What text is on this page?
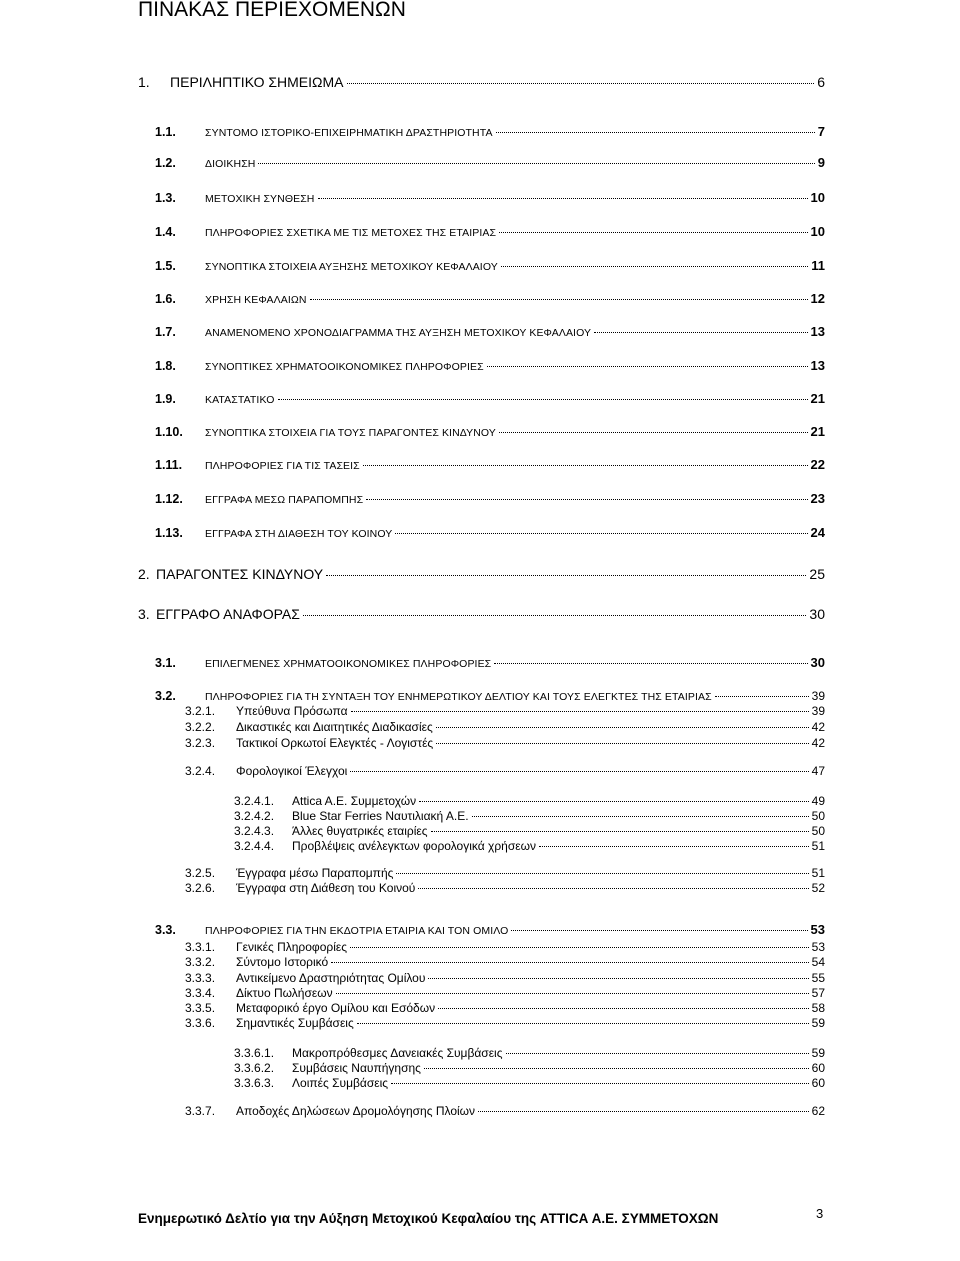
ΠΙΝΑΚΑΣ ΠΕΡΙΕΧΟΜΕΝΩΝ
1.	ΠΕΡΙΛΗΠΤΙΚΟ ΣΗΜΕΙΩΜΑ	6
1.1.	ΣΥΝΤΟΜΟ ΙΣΤΟΡΙΚΟ-ΕΠΙΧΕΙΡΗΜΑΤΙΚΗ ΔΡΑΣΤΗΡΙΟΤΗΤΑ	7
1.2.	ΔΙΟΙΚΗΣΗ	9
1.3.	ΜΕΤΟΧΙΚΗ ΣΥΝΘΕΣΗ	10
1.4.	ΠΛΗΡΟΦΟΡΙΕΣ ΣΧΕΤΙΚΑ ΜΕ ΤΙΣ ΜΕΤΟΧΕΣ ΤΗΣ ΕΤΑΙΡΙΑΣ	10
1.5.	ΣΥΝΟΠΤΙΚΑ ΣΤΟΙΧΕΙΑ ΑΥΞΗΣΗΣ ΜΕΤΟΧΙΚΟΥ ΚΕΦΑΛΑΙΟΥ	11
1.6.	ΧΡΗΣΗ ΚΕΦΑΛΑΙΩΝ	12
1.7.	ΑΝΑΜΕΝΟΜΕΝΟ ΧΡΟΝΟΔΙΑΓΡΑΜΜΑ ΤΗΣ ΑΥΞΗΣΗ ΜΕΤΟΧΙΚΟΥ ΚΕΦΑΛΑΙΟΥ	13
1.8.	ΣΥΝΟΠΤΙΚΕΣ ΧΡΗΜΑΤΟΟΙΚΟΝΟΜΙΚΕΣ ΠΛΗΡΟΦΟΡΙΕΣ	13
1.9.	ΚΑΤΑΣΤΑΤΙΚΟ	21
1.10.	ΣΥΝΟΠΤΙΚΑ ΣΤΟΙΧΕΙΑ ΓΙΑ ΤΟΥΣ ΠΑΡΑΓΟΝΤΕΣ ΚΙΝΔΥΝΟΥ	21
1.11.	ΠΛΗΡΟΦΟΡΙΕΣ ΓΙΑ ΤΙΣ ΤΑΣΕΙΣ	22
1.12.	ΕΓΓΡΑΦΑ ΜΕΣΩ ΠΑΡΑΠΟΜΠΗΣ	23
1.13.	ΕΓΓΡΑΦΑ ΣΤΗ ΔΙΑΘΕΣΗ ΤΟΥ ΚΟΙΝΟΥ	24
2. ΠΑΡΑΓΟΝΤΕΣ ΚΙΝΔΥΝΟΥ	25
3. ΕΓΓΡΑΦΟ ΑΝΑΦΟΡΑΣ	30
3.1.	ΕΠΙΛΕΓΜΕΝΕΣ ΧΡΗΜΑΤΟΟΙΚΟΝΟΜΙΚΕΣ ΠΛΗΡΟΦΟΡΙΕΣ	30
3.2.	ΠΛΗΡΟΦΟΡΙΕΣ ΓΙΑ ΤΗ ΣΥΝΤΑΞΗ ΤΟΥ ΕΝΗΜΕΡΩΤΙΚΟΥ ΔΕΛΤΙΟΥ ΚΑΙ ΤΟΥΣ ΕΛΕΓΚΤΕΣ ΤΗΣ ΕΤΑΙΡΙΑΣ	39
3.2.1.	Υπεύθυνα Πρόσωπα	39
3.2.2.	Δικαστικές και Διαιτητικές Διαδικασίες	42
3.2.3.	Τακτικοί Ορκωτοί Ελεγκτές - Λογιστές	42
3.2.4.	Φορολογικοί Έλεγχοι	47
3.2.4.1.	Attica A.E. Συμμετοχών	49
3.2.4.2.	Blue Star Ferries Ναυτιλιακή Α.Ε.	50
3.2.4.3.	Άλλες θυγατρικές εταιρίες	50
3.2.4.4.	Προβλέψεις ανέλεγκτων φορολογικά χρήσεων	51
3.2.5.	Έγγραφα μέσω Παραπομπής	51
3.2.6.	Έγγραφα στη Διάθεση του Κοινού	52
3.3.	ΠΛΗΡΟΦΟΡΙΕΣ ΓΙΑ ΤΗΝ ΕΚΔΟΤΡΙΑ ΕΤΑΙΡΙΑ ΚΑΙ ΤΟΝ ΟΜΙΛΟ	53
3.3.1.	Γενικές Πληροφορίες	53
3.3.2.	Σύντομο Ιστορικό	54
3.3.3.	Αντικείμενο Δραστηριότητας Ομίλου	55
3.3.4.	Δίκτυο Πωλήσεων	57
3.3.5.	Μεταφορικό έργο Ομίλου και Εσόδων	58
3.3.6.	Σημαντικές Συμβάσεις	59
3.3.6.1.	Μακροπρόθεσμες Δανειακές Συμβάσεις	59
3.3.6.2.	Συμβάσεις Ναυπήγησης	60
3.3.6.3.	Λοιπές Συμβάσεις	60
3.3.7.	Αποδοχές Δηλώσεων Δρομολόγησης Πλοίων	62
Ενημερωτικό Δελτίο για την Αύξηση Μετοχικού Κεφαλαίου της ATTICA Α.Ε. ΣΥΜΜΕΤΟΧΩΝ	3
